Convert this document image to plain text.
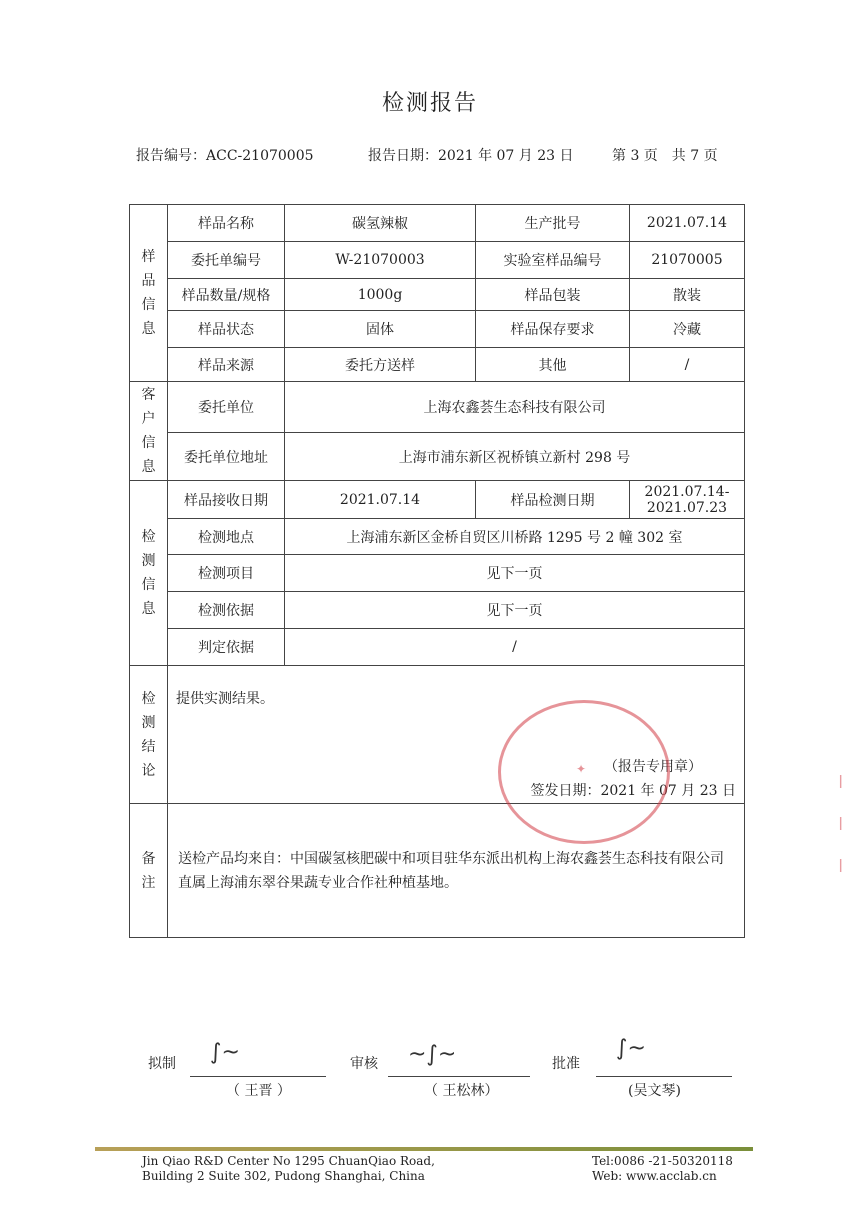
检测报告
报告编号：ACC-21070005	报告日期：2021 年 07 月 23 日	第 3 页　共 7 页
样品信息	样品名称	碳氢辣椒	生产批号	2021.07.14
	委托单编号	W-21070003	实验室样品编号	21070005
	样品数量/规格	1000g	样品包装	散装
	样品状态	固体	样品保存要求	冷藏
	样品来源	委托方送样	其他	/
客户信息	委托单位	上海农鑫荟生态科技有限公司		
	委托单位地址	上海市浦东新区祝桥镇立新村 298 号		
检测信息	样品接收日期	2021.07.14	样品检测日期	2021.07.14-2021.07.23
	检测地点	上海浦东新区金桥自贸区川桥路 1295 号 2 幢 302 室		
	检测项目	见下一页		
	检测依据	见下一页		
	判定依据	/		
检测结论	提供实测结果。
（报告专用章）
签发日期：2021 年 07 月 23 日			

备注	送检产品均来自：中国碳氢核肥碳中和项目驻华东派出机构上海农鑫荟生态科技有限公司直属上海浦东翠谷果蔬专业合作社种植基地。			
✦
ǀ

ǀ

ǀ
拟制 ∫~
（ 王晋 ）
审核 ~∫~
（ 王松林）
批准
∫~
(吴文琴)
Jin Qiao R&D Center No 1295 ChuanQiao Road,
Building 2 Suite 302, Pudong Shanghai, China
Tel:0086 -21-50320118
Web: www.acclab.cn
